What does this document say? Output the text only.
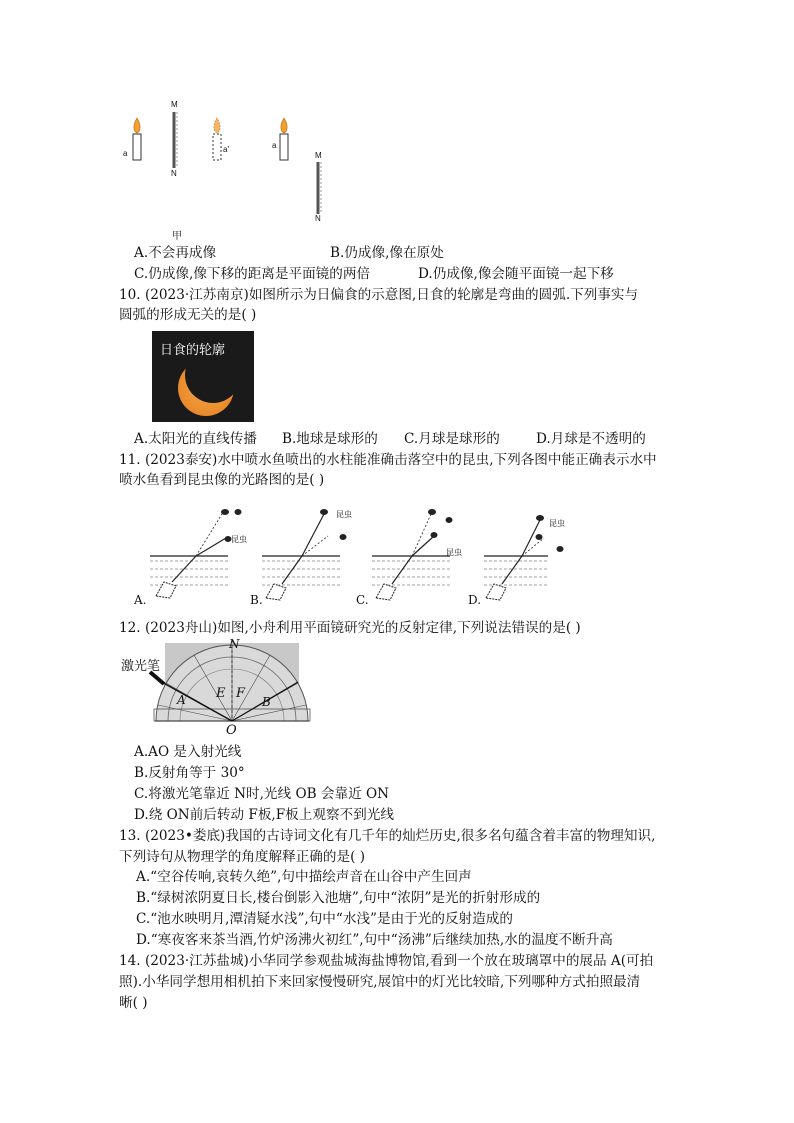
M
N
a	a'	a
M
N
甲
A.不会再成像	B.仍成像,像在原处
C.仍成像,像下移的距离是平面镜的两倍	D.仍成像,像会随平面镜一起下移
10. (2023·江苏南京)如图所示为日偏食的示意图,日食的轮廓是弯曲的圆弧.下列事实与
圆弧的形成无关的是( )
日食的轮廓
A.太阳光的直线传播 B.地球是球形的 C.月球是球形的	D.月球是不透明的
11. (2023泰安)水中喷水鱼喷出的水柱能准确击落空中的昆虫,下列各图中能正确表示水中
喷水鱼看到昆虫像的光路图的是( )
昆虫
昆虫
昆虫
昆虫
A.	B.	C.	D.
12. (2023舟山)如图,小舟利用平面镜研究光的反射定律,下列说法错误的是( )
激光笔
N
E F
A	B
O
A.AO 是入射光线
B.反射角等于 30°
C.将激光笔靠近 N时,光线 OB 会靠近 ON
D.绕 ON前后转动 F板,F板上观察不到光线
13. (2023•娄底)我国的古诗词文化有几千年的灿烂历史,很多名句蕴含着丰富的物理知识,
下列诗句从物理学的角度解释正确的是( )
A.“空谷传响,哀转久绝”,句中描绘声音在山谷中产生回声
B.“绿树浓阴夏日长,楼台倒影入池塘”,句中“浓阴”是光的折射形成的
C.“池水映明月,潭清疑水浅”,句中“水浅”是由于光的反射造成的
D.“寒夜客来茶当酒,竹炉汤沸火初红”,句中“汤沸”后继续加热,水的温度不断升高
14. (2023·江苏盐城)小华同学参观盐城海盐博物馆,看到一个放在玻璃罩中的展品 A(可拍
照).小华同学想用相机拍下来回家慢慢研究,展馆中的灯光比较暗,下列哪种方式拍照最清
晰( )
